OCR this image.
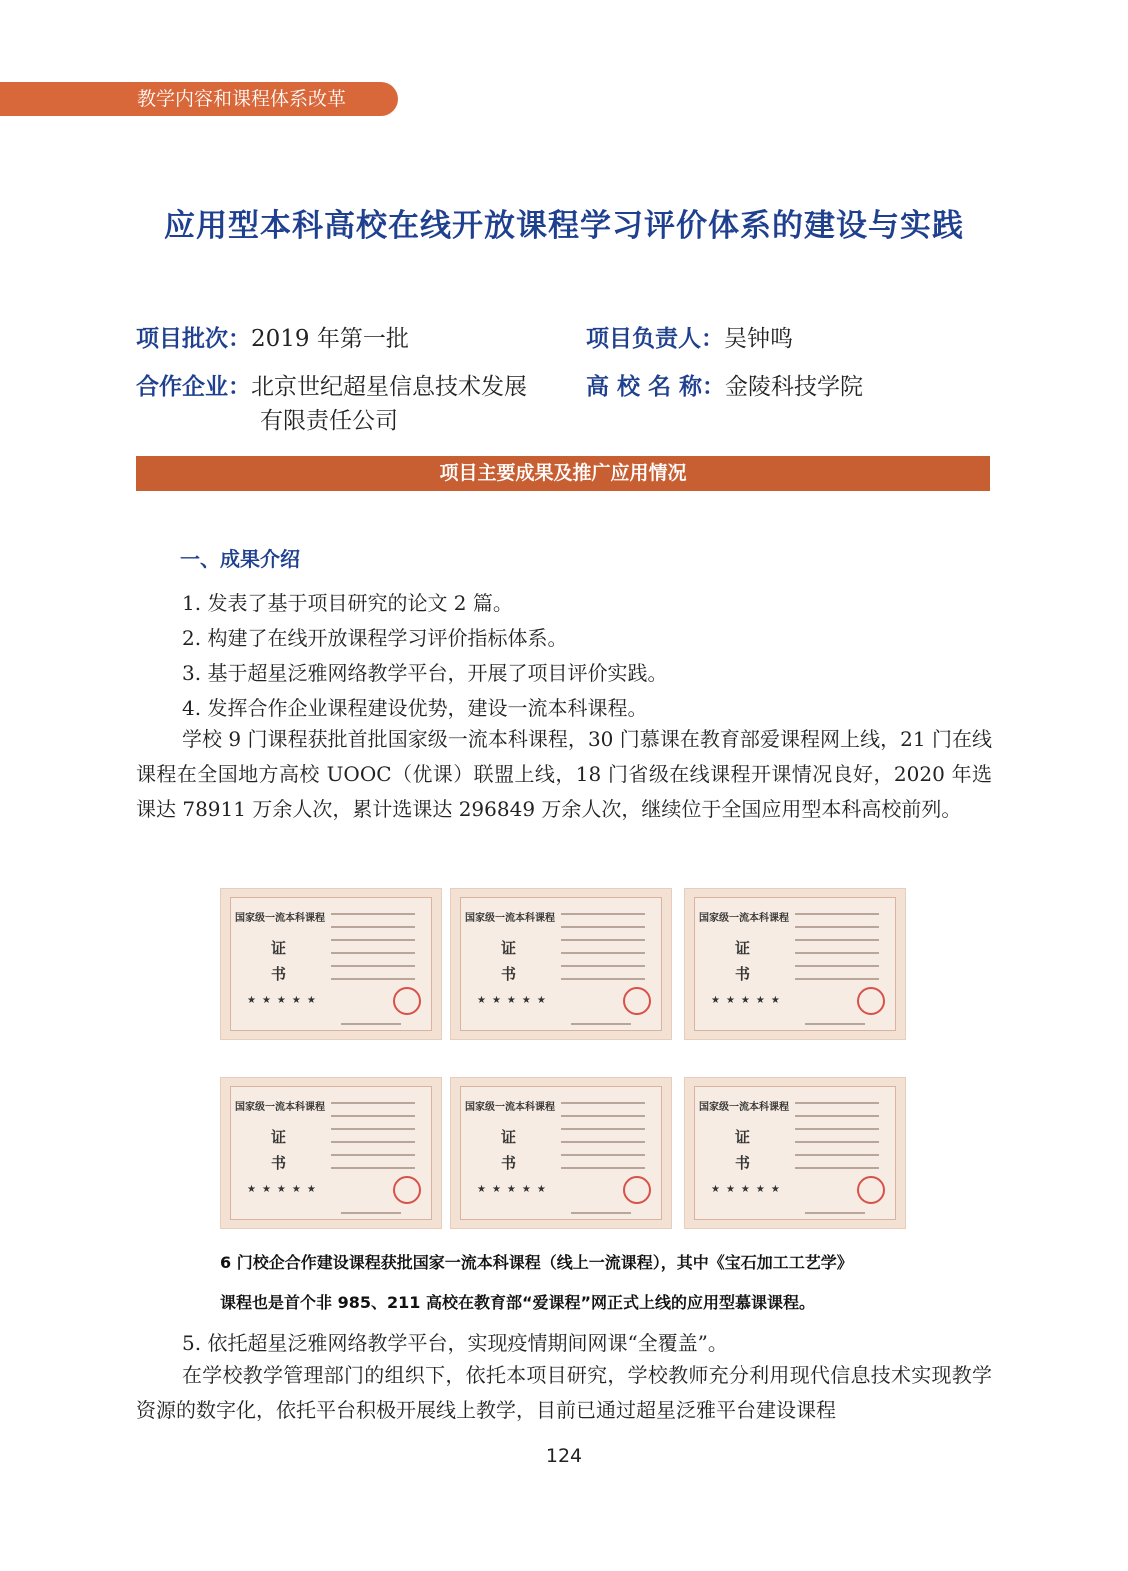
教学内容和课程体系改革
应用型本科高校在线开放课程学习评价体系的建设与实践
项目批次：2019 年第一批	项目负责人：吴钟鸣
合作企业：北京世纪超星信息技术发展
有限责任公司
高 校 名 称：金陵科技学院
项目主要成果及推广应用情况
一、成果介绍
1. 发表了基于项目研究的论文 2 篇。
2. 构建了在线开放课程学习评价指标体系。
3. 基于超星泛雅网络教学平台，开展了项目评价实践。
4. 发挥合作企业课程建设优势，建设一流本科课程。
学校 9 门课程获批首批国家级一流本科课程，30 门慕课在教育部爱课程网上线，21 门在线课程在全国地方高校 UOOC（优课）联盟上线，18 门省级在线课程开课情况良好，2020 年选课达 78911 万余人次，累计选课达 296849 万余人次，继续位于全国应用型本科高校前列。
国家级一流本科课程
证
书
★★★★★
国家级一流本科课程
证
书
★★★★★
国家级一流本科课程
证
书
★★★★★
国家级一流本科课程
证
书
★★★★★
国家级一流本科课程
证
书
★★★★★
国家级一流本科课程
证
书
★★★★★
6 门校企合作建设课程获批国家一流本科课程（线上一流课程），其中《宝石加工工艺学》
课程也是首个非 985、211 高校在教育部“爱课程”网正式上线的应用型慕课课程。
5. 依托超星泛雅网络教学平台，实现疫情期间网课“全覆盖”。
在学校教学管理部门的组织下，依托本项目研究，学校教师充分利用现代信息技术实现教学资源的数字化，依托平台积极开展线上教学，目前已通过超星泛雅平台建设课程
124
